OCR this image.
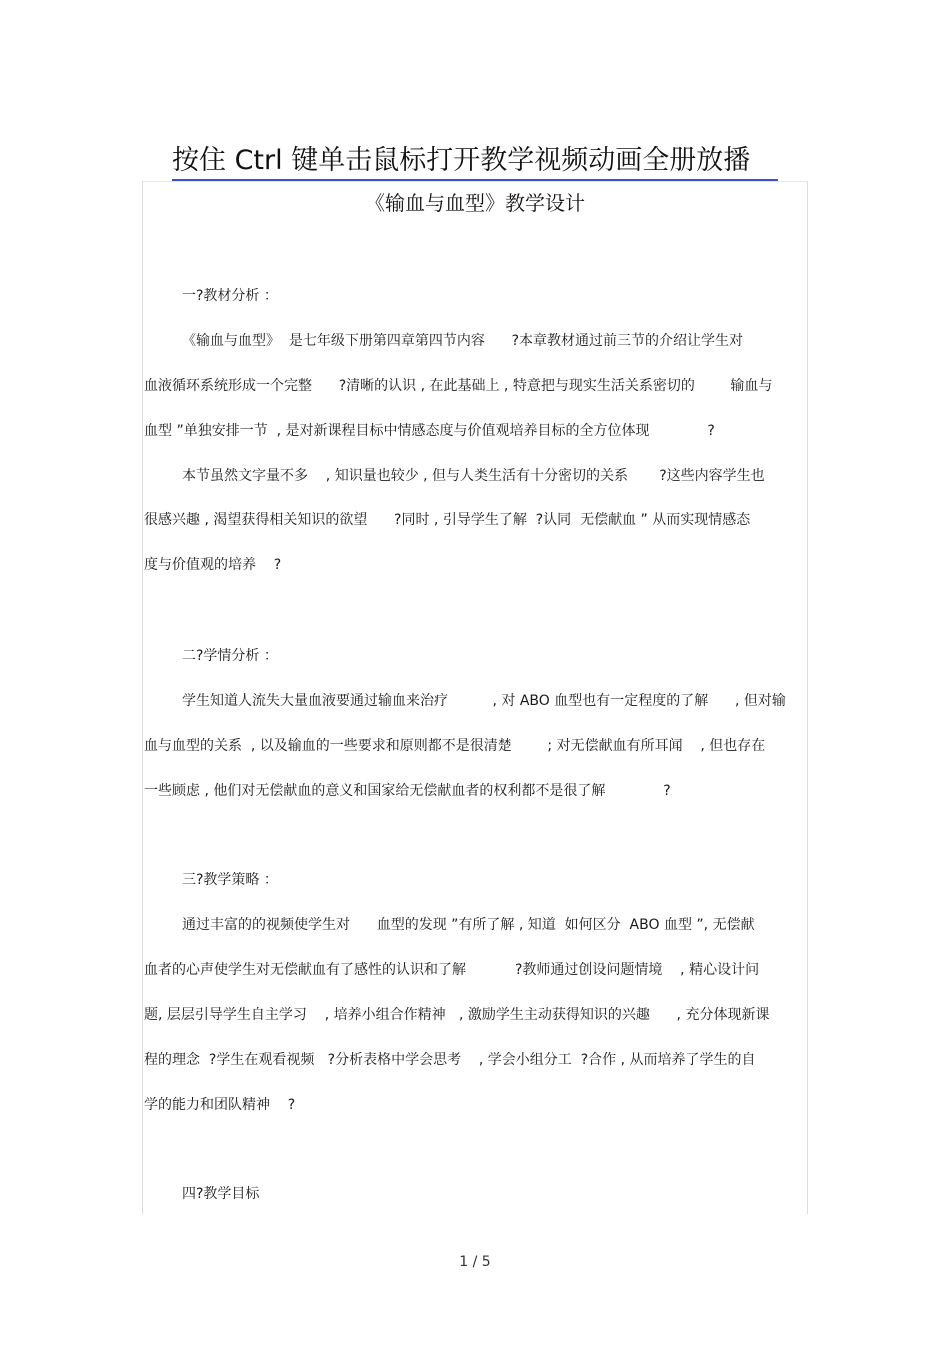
按住 Ctrl 键单击鼠标打开教学视频动画全册放播
《输血与血型》教学设计
一?教材分析 ：
《输血与血型》  是七年级下册第四章第四节内容      ?本章教材通过前三节的介绍让学生对
血液循环系统形成一个完整      ?清晰的认识 , 在此基础上 , 特意把与现实生活关系密切的        输血与
血型 ”单独安排一节  , 是对新课程目标中情感态度与价值观培养目标的全方位体现             ?
本节虽然文字量不多    , 知识量也较少 , 但与人类生活有十分密切的关系       ?这些内容学生也
很感兴趣 , 渴望获得相关知识的欲望      ?同时 , 引导学生了解  ?认同  无偿献血 ” 从而实现情感态
度与价值观的培养    ?
二?学情分析 ：
学生知道人流失大量血液要通过输血来治疗          , 对 ABO 血型也有一定程度的了解      , 但对输
血与血型的关系  , 以及输血的一些要求和原则都不是很清楚        ; 对无偿献血有所耳闻    , 但也存在
一些顾虑 , 他们对无偿献血的意义和国家给无偿献血者的权利都不是很了解             ?
三?教学策略 ：
通过丰富的的视频使学生对      血型的发现 ”有所了解 , 知道  如何区分  ABO 血型 ”, 无偿献
血者的心声使学生对无偿献血有了感性的认识和了解           ?教师通过创设问题情境    , 精心设计问
题, 层层引导学生自主学习    , 培养小组合作精神   , 激励学生主动获得知识的兴趣      , 充分体现新课
程的理念  ?学生在观看视频   ?分析表格中学会思考    , 学会小组分工  ?合作 , 从而培养了学生的自
学的能力和团队精神    ?
四?教学目标
1 / 5
